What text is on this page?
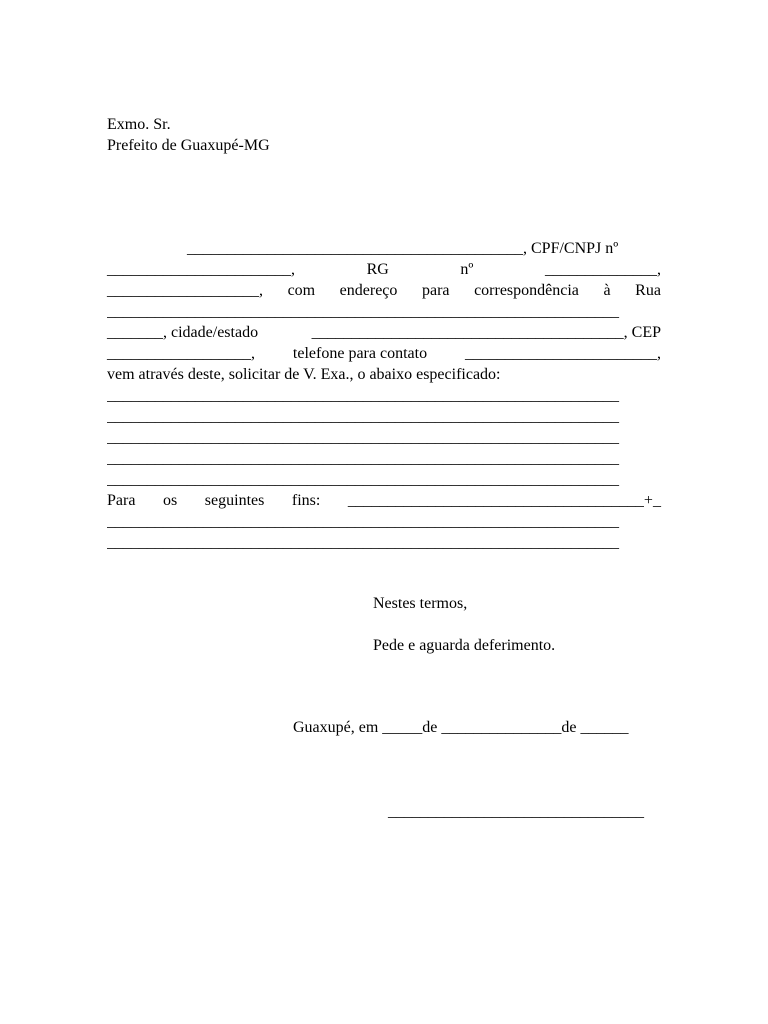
Exmo. Sr.
Prefeito de Guaxupé-MG
__________________________________________, CPF/CNPJ nº
_______________________,	RG	nº	______________,
___________________, com endereço para correspondência à Rua
________________________________________________________________
_______, cidade/estado	_______________________________________, CEP
__________________, telefone para contato ________________________,
vem através deste, solicitar de V. Exa., o abaixo especificado:
________________________________________________________________
________________________________________________________________
________________________________________________________________
________________________________________________________________
________________________________________________________________
Para os seguintes fins: _____________________________________+_
________________________________________________________________
________________________________________________________________
Nestes termos,
Pede e aguarda deferimento.
Guaxupé, em _____de _______________de ______
________________________________
